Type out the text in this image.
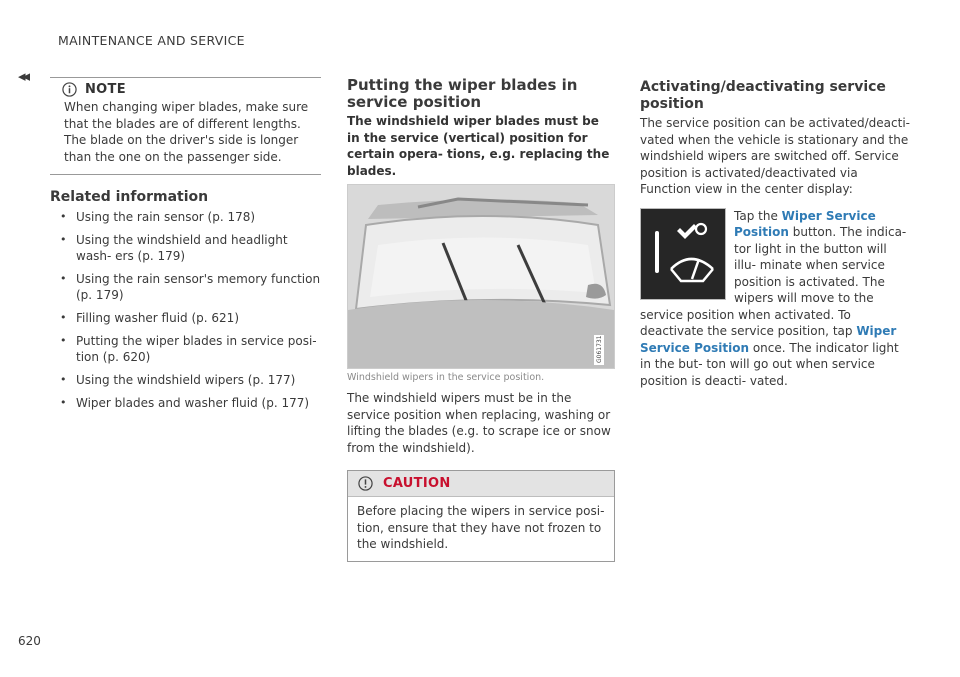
MAINTENANCE AND SERVICE
◂◂
620
NOTE
When changing wiper blades, make sure that the blades are of different lengths. The blade on the driver's side is longer than the one on the passenger side.
Related information
• Using the rain sensor (p. 178)
• Using the windshield and headlight wash- ers (p. 179)
• Using the rain sensor's memory function (p. 179)
• Filling washer fluid (p. 621)
• Putting the wiper blades in service posi- tion (p. 620)
• Using the windshield wipers (p. 177)
• Wiper blades and washer fluid (p. 177)
Putting the wiper blades in service position
The windshield wiper blades must be in the service (vertical) position for certain opera- tions, e.g. replacing the blades.
G061731
Windshield wipers in the service position.
The windshield wipers must be in the service position when replacing, washing or lifting the blades (e.g. to scrape ice or snow from the windshield).
CAUTION
Before placing the wipers in service posi- tion, ensure that they have not frozen to the windshield.
Activating/deactivating service position
The service position can be activated/deacti- vated when the vehicle is stationary and the windshield wipers are switched off. Service position is activated/deactivated via Function view in the center display:
Tap the Wiper Service Position button. The indica- tor light in the button will illu- minate when service position is activated. The wipers will move to the service position when activated. To deactivate the service position, tap Wiper Service Position once. The indicator light in the but- ton will go out when service position is deacti- vated.
